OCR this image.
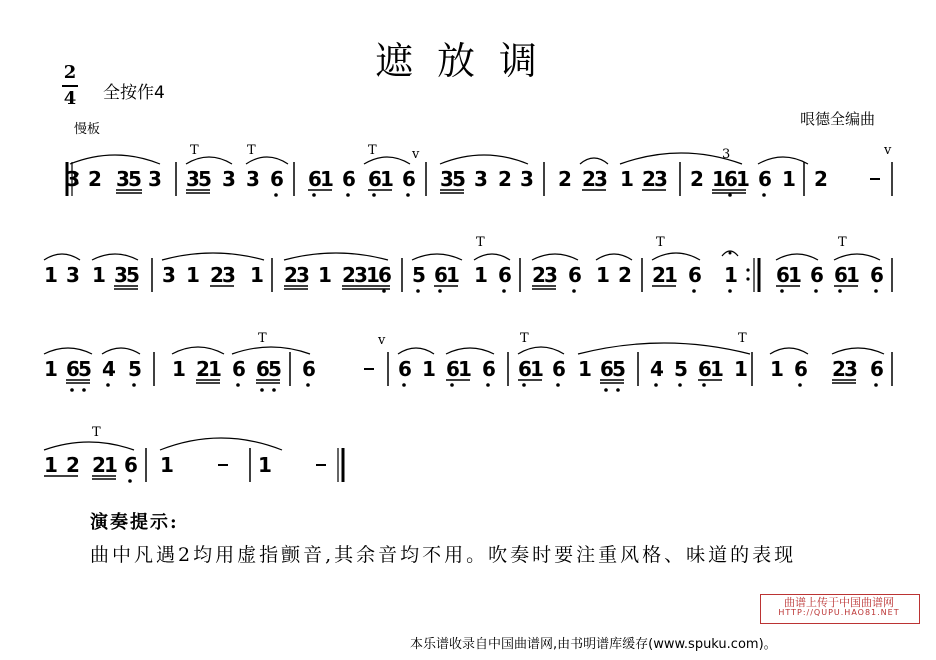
遮放调
2
4 全按作4
慢板
哏德全编曲
3 2 3
5 3
T
3
5 3
T
3 6 6
1 6
T
6
1 6
v
3
5 3 2 3 2 2
3 1 2
3 2 1
6
1
3
6 1 2
v
1 3 1 3
5 3 1 2
3 1 2
3 1 2
3
1
6 5 6
1
T
1 6 2
3 6 1 2
T
2
1 6 1 6
1 6
T
6
1 6
1 6
5 4 5 1 2
1
T
6 6
5 6
v
6 1 6
1 6
T
6
1 6 1 6
5 4 5 6
1
T
1 1 6 2
3 6
1 2 2
1 6
T
1	1
演奏提示:
曲中凡遇2均用虚指颤音,其余音均不用。吹奏时要注重风格、味道的表现
曲谱上传于中国曲谱网
HTTP://QUPU.HAO81.NET
本乐谱收录自中国曲谱网,由书明谱库缓存(www.spuku.com)。
